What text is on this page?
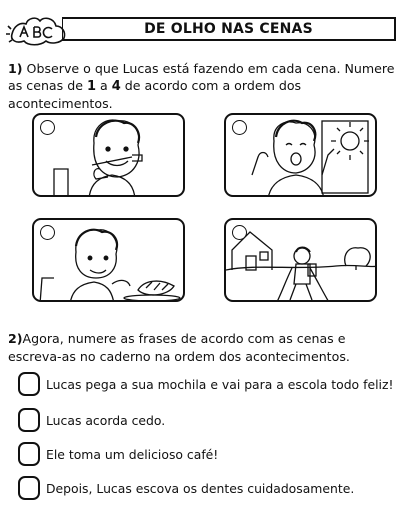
DE OLHO NAS CENAS
1) Observe o que Lucas está fazendo em cada cena. Numere as cenas de 1 a 4 de acordo com a ordem dos acontecimentos.
2)Agora, numere as frases de acordo com as cenas e escreva-as no caderno na ordem dos acontecimentos.
Lucas pega a sua mochila e vai para a escola todo feliz!
Lucas acorda cedo.
Ele toma um delicioso café!
Depois, Lucas escova os dentes cuidadosamente.
